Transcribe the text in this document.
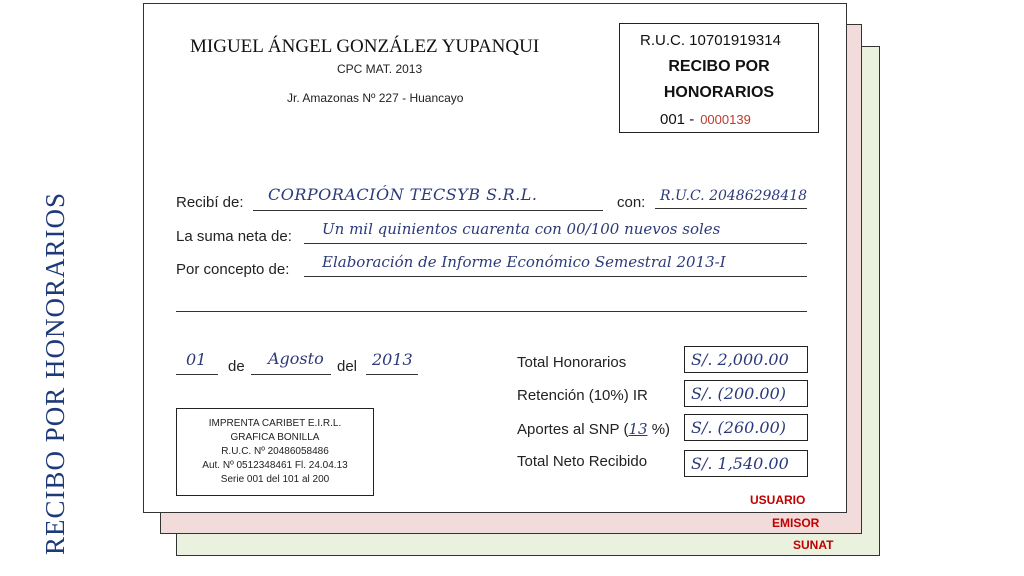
RECIBO POR HONORARIOS	USUARIO
EMISOR
SUNAT
MIGUEL ÁNGEL GONZÁLEZ YUPANQUI
CPC MAT. 2013
Jr. Amazonas Nº 227 - Huancayo
R.U.C. 10701919314
RECIBO POR
HONORARIOS
001 - 0000139
Recibí de: CORPORACIÓN TECSYB S.R.L.	con: R.U.C. 20486298418
La suma neta de: Un mil quinientos cuarenta con 00/100 nuevos soles
Por concepto de: Elaboración de Informe Económico Semestral 2013-I
01 de Agosto del 2013	Total Honorarios	S/. 2,000.00
Retención (10%) IR	S/. (200.00)
Aportes al SNP (13 %)	S/. (260.00)
Total Neto Recibido	S/. 1,540.00
IMPRENTA CARIBET E.I.R.L.
GRAFICA BONILLA
R.U.C. Nº 20486058486
Aut. Nº 0512348461 Fl. 24.04.13
Serie 001 del 101 al 200
